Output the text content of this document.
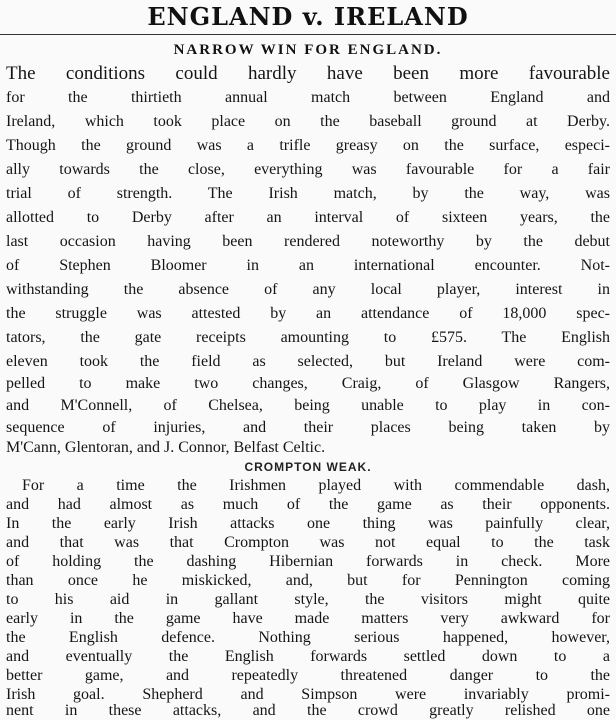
ENGLAND v. IRELAND
NARROW WIN FOR ENGLAND.
The conditions could hardly have been more favourable
for the thirtieth annual match between England and
Ireland, which took place on the baseball ground at Derby.
Though the ground was a trifle greasy on the surface, especi-
ally towards the close, everything was favourable for a fair
trial of strength. The Irish match, by the way, was
allotted to Derby after an interval of sixteen years, the
last occasion having been rendered noteworthy by the debut
of Stephen Bloomer in an international encounter. Not-
withstanding the absence of any local player, interest in
the struggle was attested by an attendance of 18,000 spec-
tators, the gate receipts amounting to £575. The English
eleven took the field as selected, but Ireland were com-
pelled to make two changes, Craig, of Glasgow Rangers,
and M'Connell, of Chelsea, being unable to play in con-
sequence of injuries, and their places being taken by
M'Cann, Glentoran, and J. Connor, Belfast Celtic.
CROMPTON WEAK.
For a time the Irishmen played with commendable dash,
and had almost as much of the game as their opponents.
In the early Irish attacks one thing was painfully clear,
and that was that Crompton was not equal to the task
of holding the dashing Hibernian forwards in check. More
than once he miskicked, and, but for Pennington coming
to his aid in gallant style, the visitors might quite
early in the game have made matters very awkward for
the English defence. Nothing serious happened, however,
and eventually the English forwards settled down to a
better game, and repeatedly threatened danger to the
Irish goal. Shepherd and Simpson were invariably promi-
nent in these attacks, and the crowd greatly relished one
